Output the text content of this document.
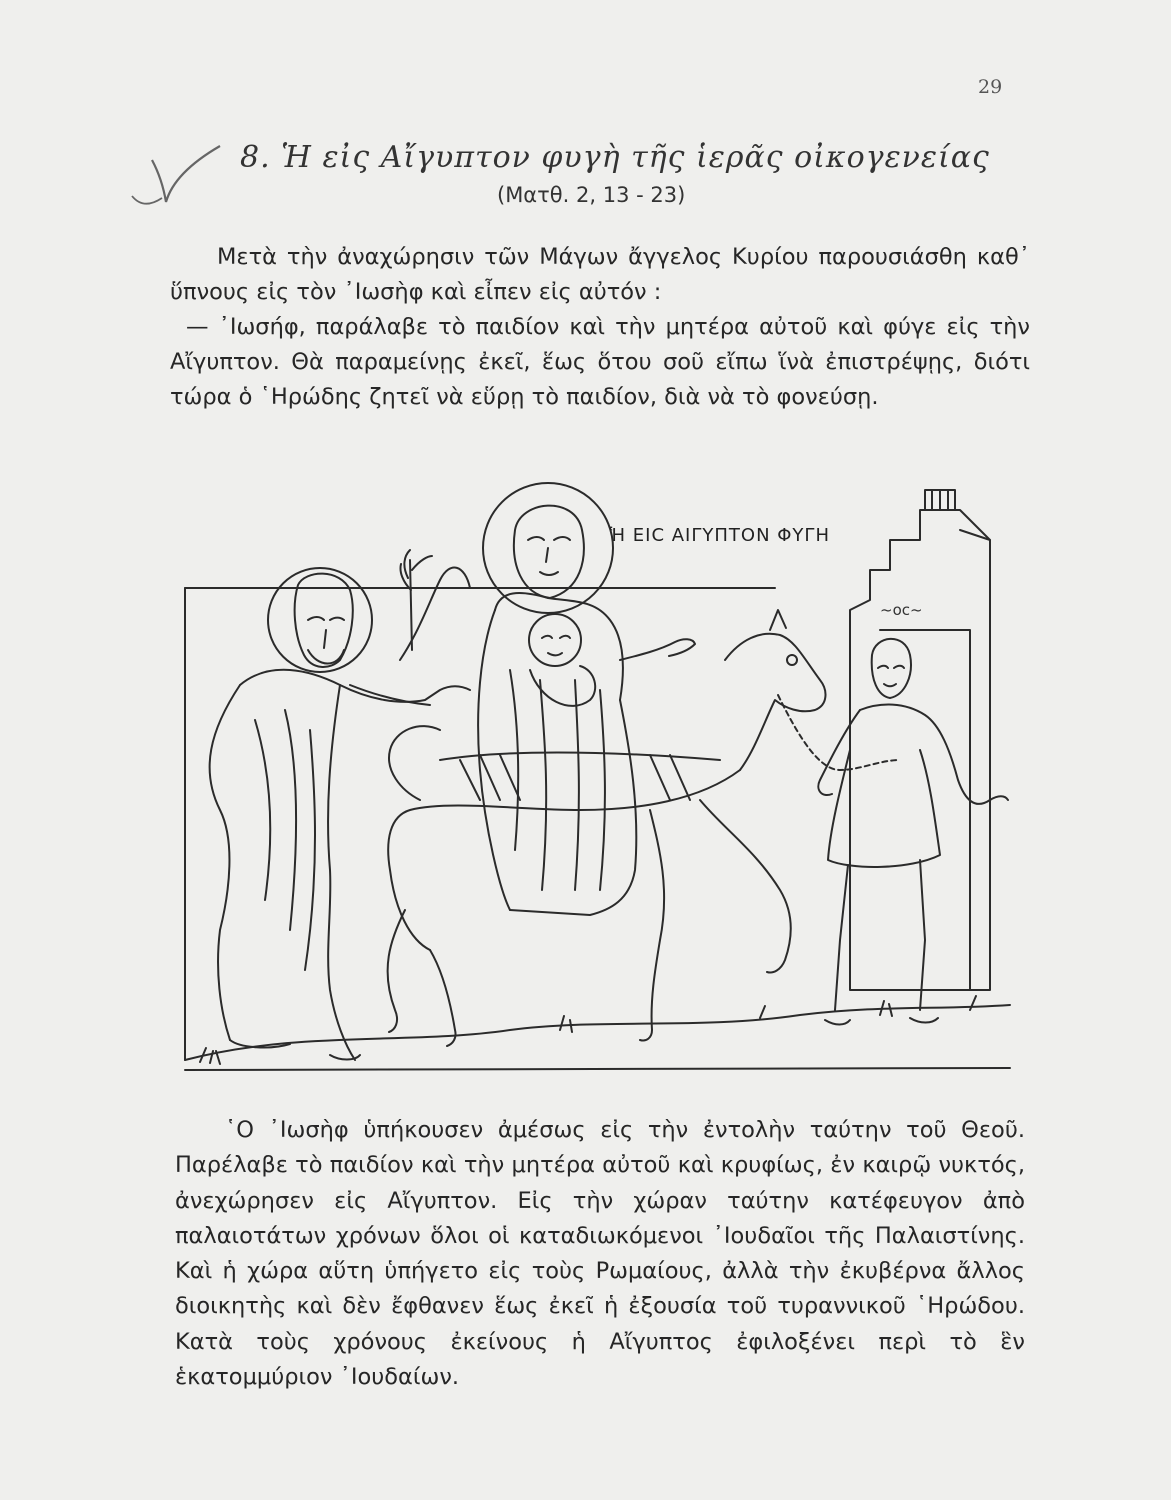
29
8. Ἡ εἰς Αἴγυπτον φυγὴ τῆς ἱερᾶς οἰκογενείας
(Ματθ. 2, 13 - 23)

Μετὰ τὴν ἀναχώρησιν τῶν Μάγων ἄγγελος Κυρίου παρουσιάσθη καθ᾽ ὕπνους εἰς τὸν ᾽Ιωσὴφ καὶ εἶπεν εἰς αὐτόν :

— ᾽Ιωσήφ, παράλαβε τὸ παιδίον καὶ τὴν μητέρα αὐτοῦ καὶ φύγε εἰς τὴν Αἴγυπτον. Θὰ παραμείνῃς ἐκεῖ, ἕως ὅτου σοῦ εἴπω ἵνὰ ἐπιστρέψῃς, διότι τώρα ὁ ῾Ηρώδης ζητεῖ νὰ εὕρῃ τὸ παιδίον, διὰ νὰ τὸ φονεύσῃ.

~oc~
Ἡ ΕΙϹ ΑΙΓΥΠΤΟΝ ΦΥΓΗ

῾Ο ᾽Ιωσὴφ ὑπήκουσεν ἀμέσως εἰς τὴν ἐντολὴν ταύτην τοῦ Θεοῦ. Παρέλαβε τὸ παιδίον καὶ τὴν μητέρα αὐτοῦ καὶ κρυφίως, ἐν καιρῷ νυκτός, ἀνεχώρησεν εἰς Αἴγυπτον. Εἰς τὴν χώραν ταύτην κατέφευγον ἀπὸ παλαιοτάτων χρόνων ὅλοι οἱ καταδιωκόμενοι ᾽Ιουδαῖοι τῆς Παλαιστίνης. Καὶ ἡ χώρα αὕτη ὑπήγετο εἰς τοὺς Ρωμαίους, ἀλλὰ τὴν ἐκυβέρνα ἄλλος διοικητὴς καὶ δὲν ἔφθανεν ἕως ἐκεῖ ἡ ἐξουσία τοῦ τυραννικοῦ ῾Ηρώδου. Κατὰ τοὺς χρόνους ἐκείνους ἡ Αἴγυπτος ἐφιλοξένει περὶ τὸ ἓν ἑκατομμύριον ᾽Ιουδαίων.
